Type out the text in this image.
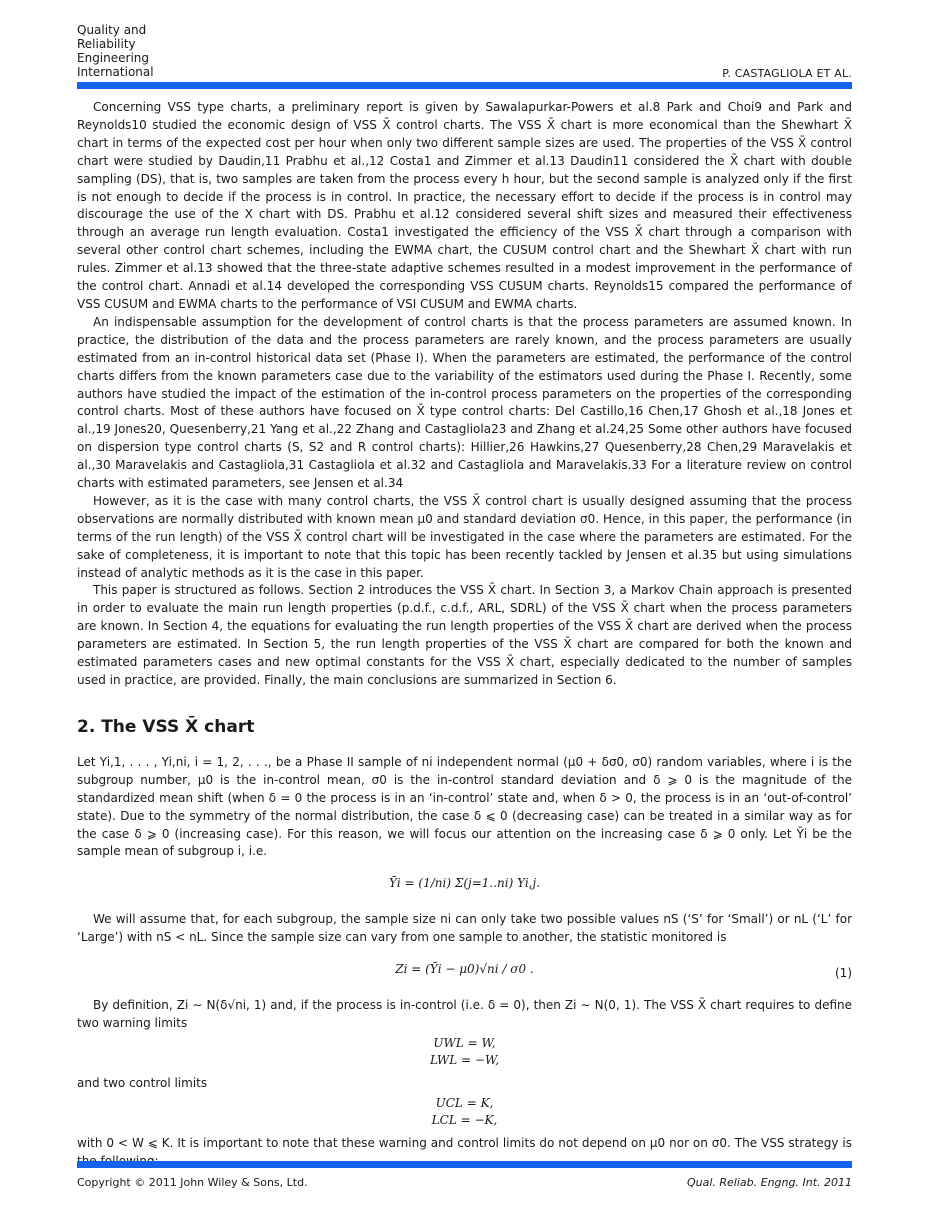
Quality and
Reliability
Engineering
International	P. CASTAGLIOLA ET AL.

Concerning VSS type charts, a preliminary report is given by Sawalapurkar-Powers et al.8 Park and Choi9 and Park and Reynolds10 studied the economic design of VSS X̄ control charts. The VSS X̄ chart is more economical than the Shewhart X̄ chart in terms of the expected cost per hour when only two different sample sizes are used. The properties of the VSS X̄ control chart were studied by Daudin,11 Prabhu et al.,12 Costa1 and Zimmer et al.13 Daudin11 considered the X̄ chart with double sampling (DS), that is, two samples are taken from the process every h hour, but the second sample is analyzed only if the first is not enough to decide if the process is in control. In practice, the necessary effort to decide if the process is in control may discourage the use of the X chart with DS. Prabhu et al.12 considered several shift sizes and measured their effectiveness through an average run length evaluation. Costa1 investigated the efficiency of the VSS X̄ chart through a comparison with several other control chart schemes, including the EWMA chart, the CUSUM control chart and the Shewhart X̄ chart with run rules. Zimmer et al.13 showed that the three-state adaptive schemes resulted in a modest improvement in the performance of the control chart. Annadi et al.14 developed the corresponding VSS CUSUM charts. Reynolds15 compared the performance of VSS CUSUM and EWMA charts to the performance of VSI CUSUM and EWMA charts.

An indispensable assumption for the development of control charts is that the process parameters are assumed known. In practice, the distribution of the data and the process parameters are rarely known, and the process parameters are usually estimated from an in-control historical data set (Phase I). When the parameters are estimated, the performance of the control charts differs from the known parameters case due to the variability of the estimators used during the Phase I. Recently, some authors have studied the impact of the estimation of the in-control process parameters on the properties of the corresponding control charts. Most of these authors have focused on X̄ type control charts: Del Castillo,16 Chen,17 Ghosh et al.,18 Jones et al.,19 Jones20, Quesenberry,21 Yang et al.,22 Zhang and Castagliola23 and Zhang et al.24,25 Some other authors have focused on dispersion type control charts (S, S2 and R control charts): Hillier,26 Hawkins,27 Quesenberry,28 Chen,29 Maravelakis et al.,30 Maravelakis and Castagliola,31 Castagliola et al.32 and Castagliola and Maravelakis.33 For a literature review on control charts with estimated parameters, see Jensen et al.34

However, as it is the case with many control charts, the VSS X̄ control chart is usually designed assuming that the process observations are normally distributed with known mean μ0 and standard deviation σ0. Hence, in this paper, the performance (in terms of the run length) of the VSS X̄ control chart will be investigated in the case where the parameters are estimated. For the sake of completeness, it is important to note that this topic has been recently tackled by Jensen et al.35 but using simulations instead of analytic methods as it is the case in this paper.

This paper is structured as follows. Section 2 introduces the VSS X̄ chart. In Section 3, a Markov Chain approach is presented in order to evaluate the main run length properties (p.d.f., c.d.f., ARL, SDRL) of the VSS X̄ chart when the process parameters are known. In Section 4, the equations for evaluating the run length properties of the VSS X̄ chart are derived when the process parameters are estimated. In Section 5, the run length properties of the VSS X̄ chart are compared for both the known and estimated parameters cases and new optimal constants for the VSS X̄ chart, especially dedicated to the number of samples used in practice, are provided. Finally, the main conclusions are summarized in Section 6.

2. The VSS X̄ chart

Let Yi,1, . . . , Yi,ni, i = 1, 2, . . ., be a Phase II sample of ni independent normal (μ0 + δσ0, σ0) random variables, where i is the subgroup number, μ0 is the in-control mean, σ0 is the in-control standard deviation and δ ⩾ 0 is the magnitude of the standardized mean shift (when δ = 0 the process is in an ‘in-control’ state and, when δ > 0, the process is in an ‘out-of-control’ state). Due to the symmetry of the normal distribution, the case δ ⩽ 0 (decreasing case) can be treated in a similar way as for the case δ ⩾ 0 (increasing case). For this reason, we will focus our attention on the increasing case δ ⩾ 0 only. Let Ȳi be the sample mean of subgroup i, i.e.

Ȳi = (1/ni) Σ(j=1..ni) Yi,j.

We will assume that, for each subgroup, the sample size ni can only take two possible values nS (‘S’ for ‘Small’) or nL (‘L’ for ‘Large’) with nS < nL. Since the sample size can vary from one sample to another, the statistic monitored is

Zi = (Ȳi − μ0)√ni / σ0 .	(1)

By definition, Zi ∼ N(δ√ni, 1) and, if the process is in-control (i.e. δ = 0), then Zi ∼ N(0, 1). The VSS X̄ chart requires to define two warning limits

UWL = W,
LWL = −W,

and two control limits

UCL = K,
LCL = −K,

with 0 < W ⩽ K. It is important to note that these warning and control limits do not depend on μ0 nor on σ0. The VSS strategy is

Copyright © 2011 John Wiley & Sons, Ltd.	Qual. Reliab. Engng. Int. 2011
